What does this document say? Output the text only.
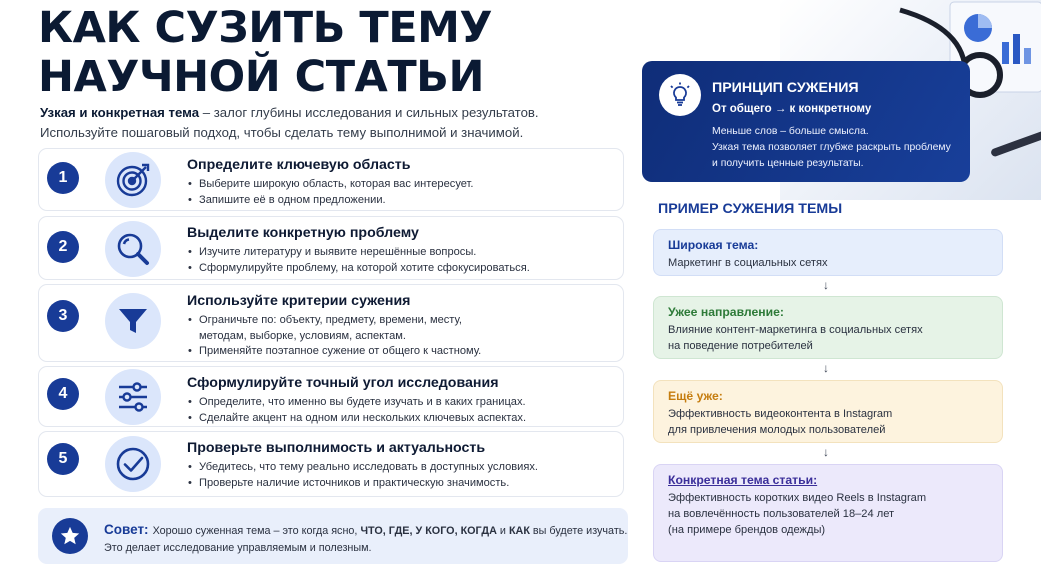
КАК СУЗИТЬ ТЕМУ
НАУЧНОЙ СТАТЬИ
Узкая и конкретная тема – залог глубины исследования и сильных результатов.
Используйте пошаговый подход, чтобы сделать тему выполнимой и значимой.
1
Определите ключевую область
• Выберите широкую область, которая вас интересует.
• Запишите её в одном предложении.
2
Выделите конкретную проблему
• Изучите литературу и выявите нерешённые вопросы.
• Сформулируйте проблему, на которой хотите сфокусироваться.
3
Используйте критерии сужения
• Ограничьте по: объекту, предмету, времени, месту,
методам, выборке, условиям, аспектам.
• Применяйте поэтапное сужение от общего к частному.
4
Сформулируйте точный угол исследования
• Определите, что именно вы будете изучать и в каких границах.
• Сделайте акцент на одном или нескольких ключевых аспектах.
5
Проверьте выполнимость и актуальность
• Убедитесь, что тему реально исследовать в доступных условиях.
• Проверьте наличие источников и практическую значимость.
Совет: Хорошо суженная тема – это когда ясно, ЧТО, ГДЕ, У КОГО, КОГДА и КАК вы будете изучать.
Это делает исследование управляемым и полезным.
ПРИНЦИП СУЖЕНИЯ
От общего → к конкретному
Меньше слов – больше смысла.
Узкая тема позволяет глубже раскрыть проблему
и получить ценные результаты.
ПРИМЕР СУЖЕНИЯ ТЕМЫ
Широкая тема:
Маркетинг в социальных сетях
↓
Ужее направление:
Влияние контент-маркетинга в социальных сетях
на поведение потребителей
↓
Ещё уже:
Эффективность видеоконтента в Instagram
для привлечения молодых пользователей
↓
Конкретная тема статьи:
Эффективность коротких видео Reels в Instagram
на вовлечённость пользователей 18–24 лет
(на примере брендов одежды)
